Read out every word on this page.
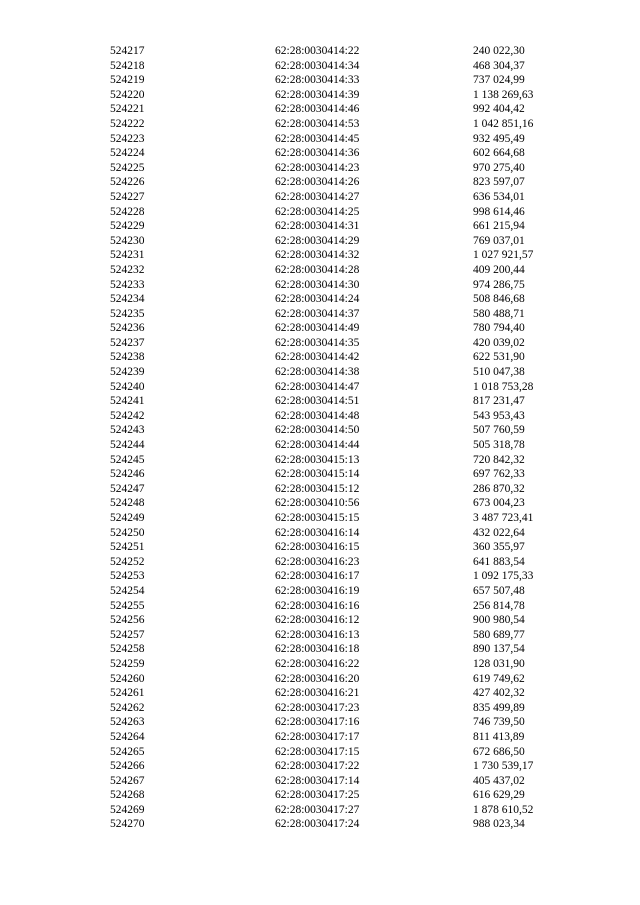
524217	62:28:0030414:22	240 022,30
524218	62:28:0030414:34	468 304,37
524219	62:28:0030414:33	737 024,99
524220	62:28:0030414:39	1 138 269,63
524221	62:28:0030414:46	992 404,42
524222	62:28:0030414:53	1 042 851,16
524223	62:28:0030414:45	932 495,49
524224	62:28:0030414:36	602 664,68
524225	62:28:0030414:23	970 275,40
524226	62:28:0030414:26	823 597,07
524227	62:28:0030414:27	636 534,01
524228	62:28:0030414:25	998 614,46
524229	62:28:0030414:31	661 215,94
524230	62:28:0030414:29	769 037,01
524231	62:28:0030414:32	1 027 921,57
524232	62:28:0030414:28	409 200,44
524233	62:28:0030414:30	974 286,75
524234	62:28:0030414:24	508 846,68
524235	62:28:0030414:37	580 488,71
524236	62:28:0030414:49	780 794,40
524237	62:28:0030414:35	420 039,02
524238	62:28:0030414:42	622 531,90
524239	62:28:0030414:38	510 047,38
524240	62:28:0030414:47	1 018 753,28
524241	62:28:0030414:51	817 231,47
524242	62:28:0030414:48	543 953,43
524243	62:28:0030414:50	507 760,59
524244	62:28:0030414:44	505 318,78
524245	62:28:0030415:13	720 842,32
524246	62:28:0030415:14	697 762,33
524247	62:28:0030415:12	286 870,32
524248	62:28:0030410:56	673 004,23
524249	62:28:0030415:15	3 487 723,41
524250	62:28:0030416:14	432 022,64
524251	62:28:0030416:15	360 355,97
524252	62:28:0030416:23	641 883,54
524253	62:28:0030416:17	1 092 175,33
524254	62:28:0030416:19	657 507,48
524255	62:28:0030416:16	256 814,78
524256	62:28:0030416:12	900 980,54
524257	62:28:0030416:13	580 689,77
524258	62:28:0030416:18	890 137,54
524259	62:28:0030416:22	128 031,90
524260	62:28:0030416:20	619 749,62
524261	62:28:0030416:21	427 402,32
524262	62:28:0030417:23	835 499,89
524263	62:28:0030417:16	746 739,50
524264	62:28:0030417:17	811 413,89
524265	62:28:0030417:15	672 686,50
524266	62:28:0030417:22	1 730 539,17
524267	62:28:0030417:14	405 437,02
524268	62:28:0030417:25	616 629,29
524269	62:28:0030417:27	1 878 610,52
524270	62:28:0030417:24	988 023,34
